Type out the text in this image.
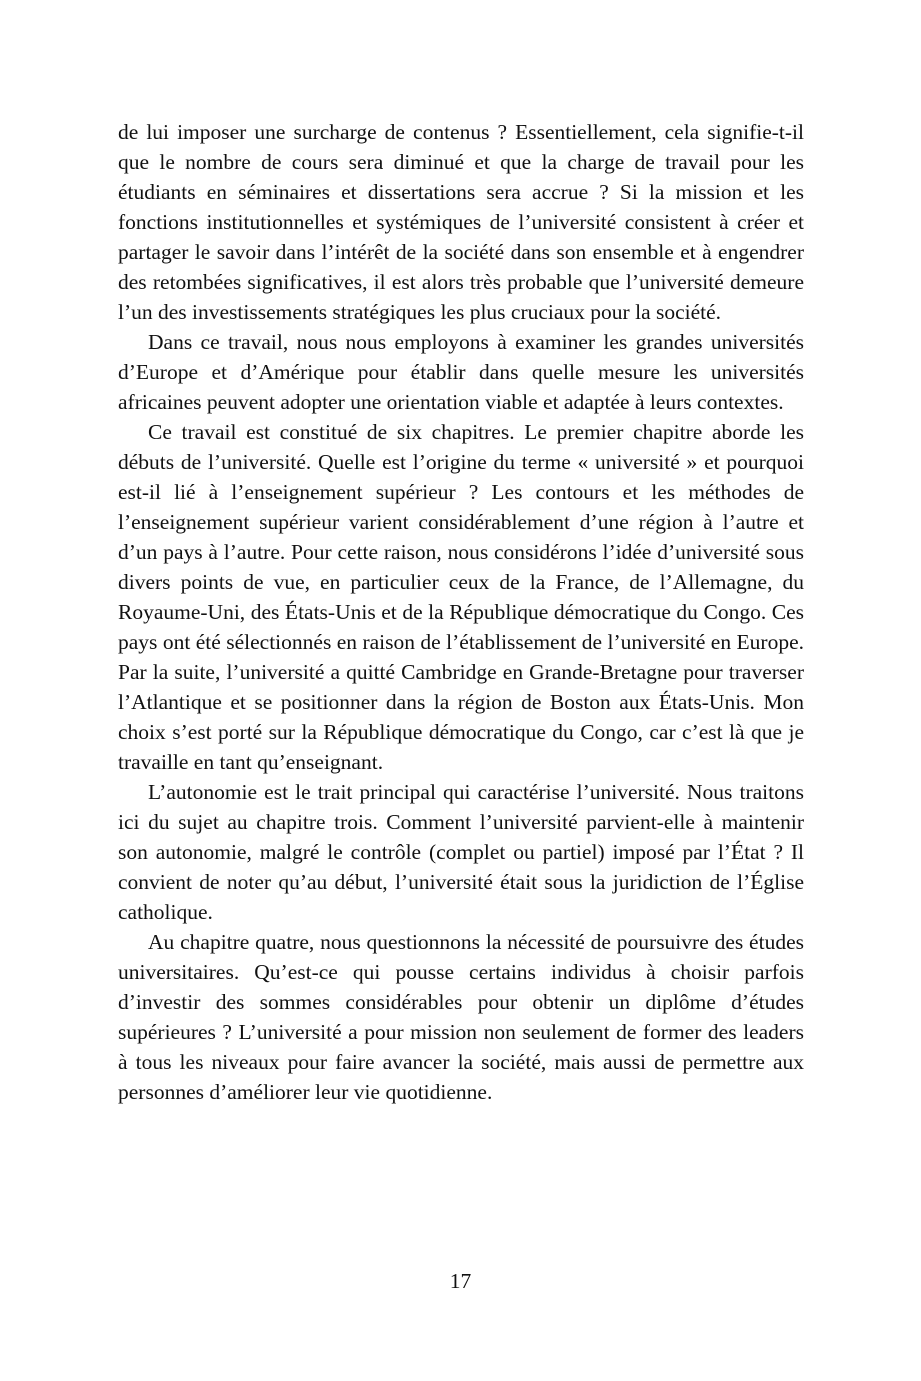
de lui imposer une surcharge de contenus ? Essentiellement, cela signifie-t-il que le nombre de cours sera diminué et que la charge de travail pour les étudiants en séminaires et dissertations sera accrue ? Si la mission et les fonctions institutionnelles et systémiques de l’université consistent à créer et partager le savoir dans l’intérêt de la société dans son ensemble et à engendrer des retombées significatives, il est alors très probable que l’université demeure l’un des investissements stratégiques les plus cruciaux pour la société.

Dans ce travail, nous nous employons à examiner les grandes universités d’Europe et d’Amérique pour établir dans quelle mesure les universités africaines peuvent adopter une orientation viable et adaptée à leurs contextes.

Ce travail est constitué de six chapitres. Le premier chapitre aborde les débuts de l’université. Quelle est l’origine du terme « université » et pourquoi est-il lié à l’enseignement supérieur ? Les contours et les méthodes de l’enseignement supérieur varient considérablement d’une région à l’autre et d’un pays à l’autre. Pour cette raison, nous considérons l’idée d’université sous divers points de vue, en particulier ceux de la France, de l’Allemagne, du Royaume-Uni, des États-Unis et de la République démocratique du Congo. Ces pays ont été sélectionnés en raison de l’établissement de l’université en Europe. Par la suite, l’université a quitté Cambridge en Grande-Bretagne pour traverser l’Atlantique et se positionner dans la région de Boston aux États-Unis. Mon choix s’est porté sur la République démocratique du Congo, car c’est là que je travaille en tant qu’enseignant.

L’autonomie est le trait principal qui caractérise l’université. Nous traitons ici du sujet au chapitre trois. Comment l’université parvient-elle à maintenir son autonomie, malgré le contrôle (complet ou partiel) imposé par l’État ? Il convient de noter qu’au début, l’université était sous la juridiction de l’Église catholique.

Au chapitre quatre, nous questionnons la nécessité de poursuivre des études universitaires. Qu’est-ce qui pousse certains individus à choisir parfois d’investir des sommes considérables pour obtenir un diplôme d’études supérieures ? L’université a pour mission non seulement de former des leaders à tous les niveaux pour faire avancer la société, mais aussi de permettre aux personnes d’améliorer leur vie quotidienne.

17
